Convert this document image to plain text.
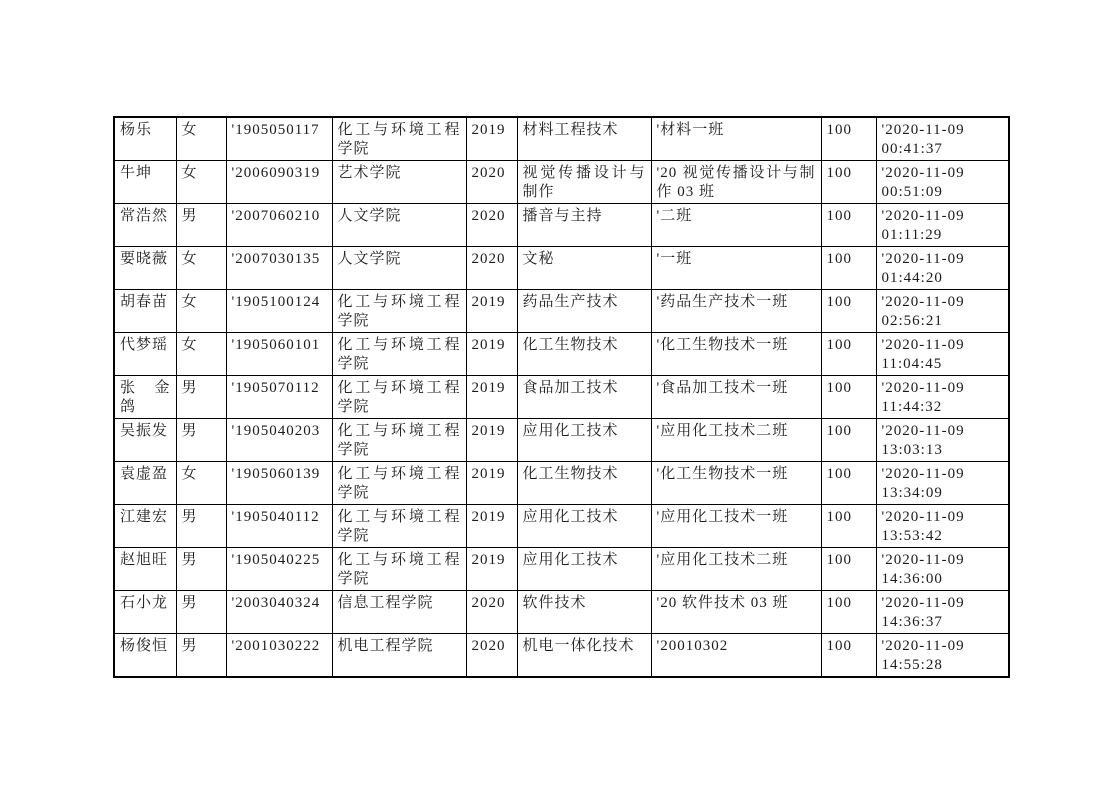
杨乐	女	'1905050117	化工与环境工程学院	2019	材料工程技术	'材料一班	100	'2020-11-09 00:41:37
牛坤	女	'2006090319	艺术学院	2020	视觉传播设计与制作	'20 视觉传播设计与制作 03 班	100	'2020-11-09 00:51:09
常浩然	男	'2007060210	人文学院	2020	播音与主持	'二班	100	'2020-11-09 01:11:29
要晓薇	女	'2007030135	人文学院	2020	文秘	'一班	100	'2020-11-09 01:44:20
胡春苗	女	'1905100124	化工与环境工程学院	2019	药品生产技术	'药品生产技术一班	100	'2020-11-09 02:56:21
代梦瑶	女	'1905060101	化工与环境工程学院	2019	化工生物技术	'化工生物技术一班	100	'2020-11-09 11:04:45
张 金 鸽	男	'1905070112	化工与环境工程学院	2019	食品加工技术	'食品加工技术一班	100	'2020-11-09 11:44:32
吴振发	男	'1905040203	化工与环境工程学院	2019	应用化工技术	'应用化工技术二班	100	'2020-11-09 13:03:13
袁虚盈	女	'1905060139	化工与环境工程学院	2019	化工生物技术	'化工生物技术一班	100	'2020-11-09 13:34:09
江建宏	男	'1905040112	化工与环境工程学院	2019	应用化工技术	'应用化工技术一班	100	'2020-11-09 13:53:42
赵旭旺	男	'1905040225	化工与环境工程学院	2019	应用化工技术	'应用化工技术二班	100	'2020-11-09 14:36:00
石小龙	男	'2003040324	信息工程学院	2020	软件技术	'20 软件技术 03 班	100	'2020-11-09 14:36:37
杨俊恒	男	'2001030222	机电工程学院	2020	机电一体化技术	'20010302	100	'2020-11-09 14:55:28
